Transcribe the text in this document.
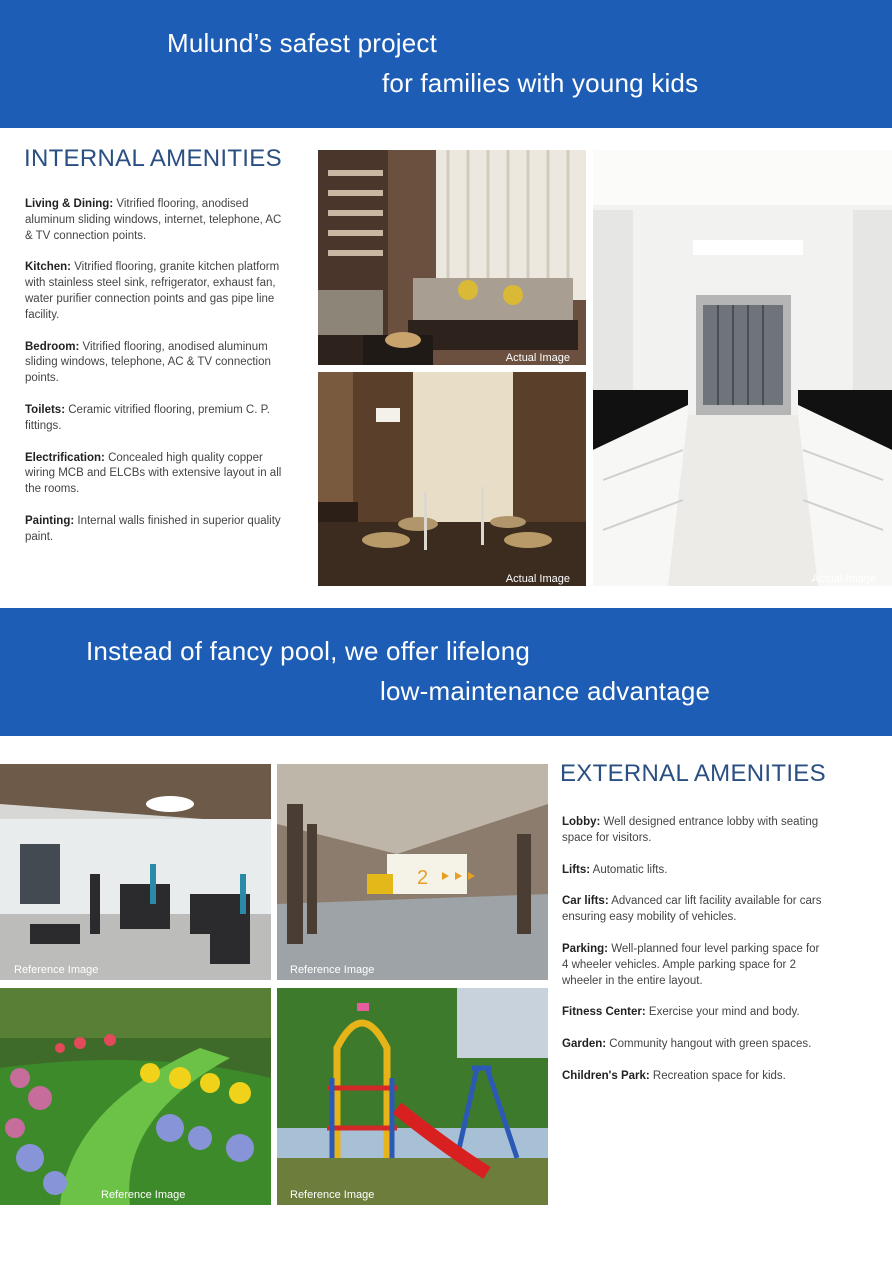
Mulund’s safest project
for families with young kids
INTERNAL AMENITIES

Living & Dining: Vitrified flooring, anodised aluminum sliding windows, internet, telephone, AC & TV connection points.

Kitchen: Vitrified flooring, granite kitchen platform with stainless steel sink, refrigerator, exhaust fan, water purifier connection points and gas pipe line facility.

Bedroom: Vitrified flooring, anodised aluminum sliding windows, telephone, AC & TV connection points.

Toilets: Ceramic vitrified flooring, premium C. P. fittings.

Electrification: Concealed high quality copper wiring MCB and ELCBs with extensive layout in all the rooms.

Painting: Internal walls finished in superior quality paint.

Actual Image
Actual Image	Actual Image
Instead of fancy pool, we offer lifelong
low-maintenance advantage
Reference Image
2
Reference Image
Reference Image	Reference Image
EXTERNAL AMENITIES

Lobby: Well designed entrance lobby with seating space for visitors.

Lifts: Automatic lifts.

Car lifts: Advanced car lift facility available for cars ensuring easy mobility of vehicles.

Parking: Well-planned four level parking space for 4 wheeler vehicles. Ample parking space for 2 wheeler in the entire layout.

Fitness Center: Exercise your mind and body.

Garden: Community hangout with green spaces.

Children's Park: Recreation space for kids.
